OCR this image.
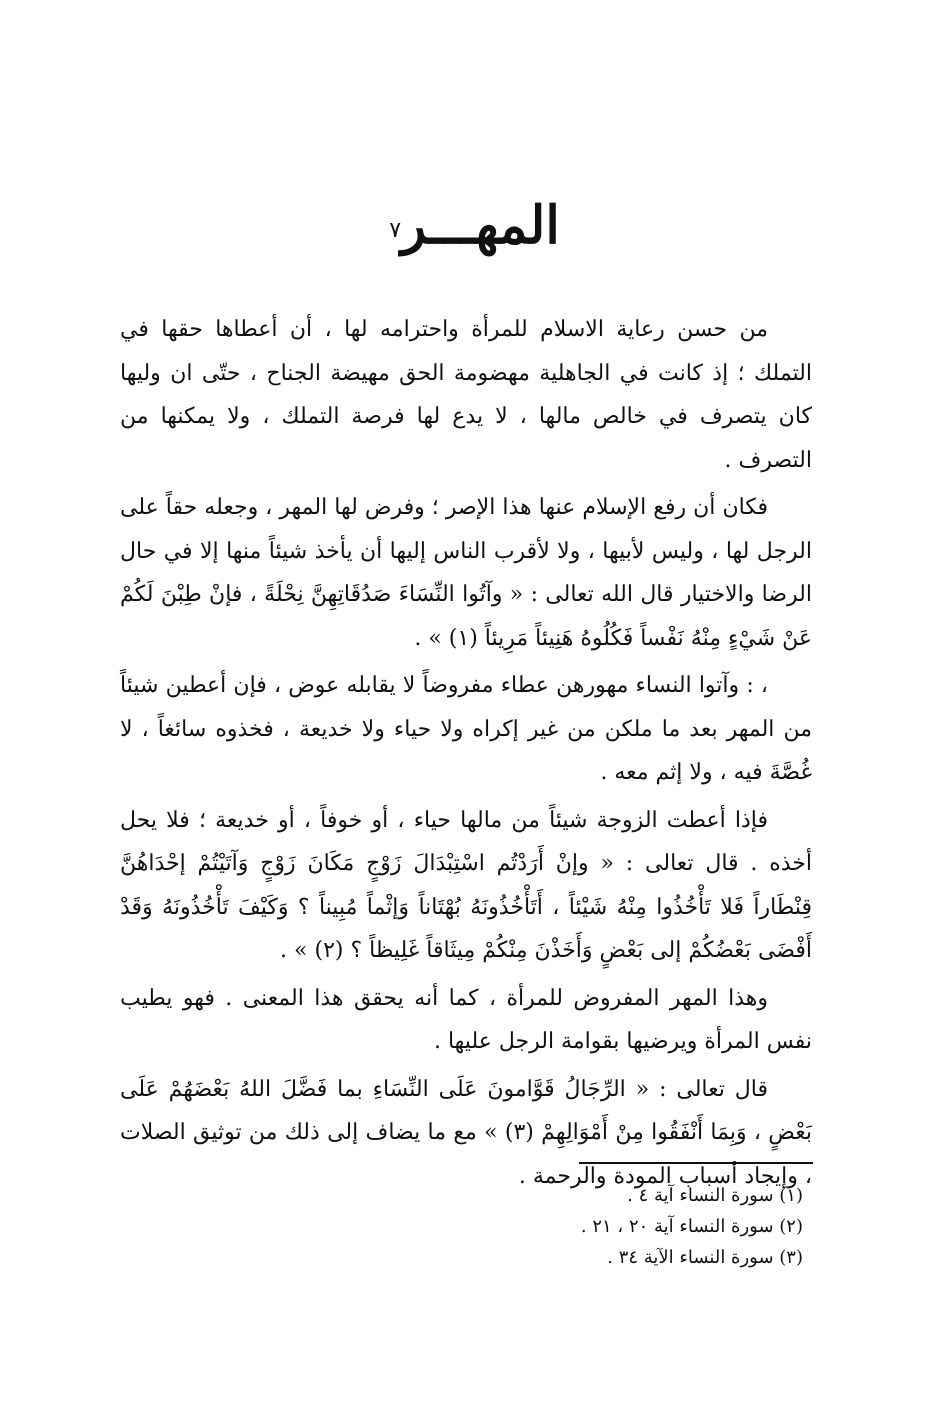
المهـــر٧

من حسن رعاية الاسلام للمرأة واحترامه لها ، أن أعطاها حقها في التملك ؛ إذ كانت في الجاهلية مهضومة الحق مهيضة الجناح ، حتّى ان وليها كان يتصرف في خالص مالها ، لا يدع لها فرصة التملك ، ولا يمكنها من التصرف .

فكان أن رفع الإسلام عنها هذا الإصر ؛ وفرض لها المهر ، وجعله حقاً على الرجل لها ، وليس لأبيها ، ولا لأقرب الناس إليها أن يأخذ شيئاً منها إلا في حال الرضا والاختيار قال الله تعالى : « وآتُوا النِّسَاءَ صَدُقَاتِهِنَّ نِحْلَةً ، فإنْ طِبْنَ لَكُمْ عَنْ شَيْءٍ مِنْهُ نَفْساً فَكُلُوهُ هَنِيئاً مَرِيئاً (١) » .

، : وآتوا النساء مهورهن عطاء مفروضاً لا يقابله عوض ، فإن أعطين شيئاً من المهر بعد ما ملكن من غير إكراه ولا حياء ولا خديعة ، فخذوه سائغاً ، لا غُصَّةَ فيه ، ولا إثم معه .

فإذا أعطت الزوجة شيئاً من مالها حياء ، أو خوفاً ، أو خديعة ؛ فلا يحل أخذه . قال تعالى : « وإنْ أَرَدْتُم اسْتِبْدَالَ زَوْجٍ مَكَانَ زَوْجٍ وَآتَيْتُمْ إحْدَاهُنَّ قِنْطَاراً فَلا تَأْخُذُوا مِنْهُ شَيْئاً ، أَتَأْخُذُونَهُ بُهْتَاناً وَإثْماً مُبِيناً ؟ وَكَيْفَ تَأْخُذُونَهُ وَقَدْ أَفْضَى بَعْضُكُمْ إلى بَعْضٍ وَأَخَذْنَ مِنْكُمْ مِيثَاقاً غَلِيظاً ؟ (٢) » .

وهذا المهر المفروض للمرأة ، كما أنه يحقق هذا المعنى . فهو يطيب نفس المرأة ويرضيها بقوامة الرجل عليها .

قال تعالى : « الرِّجَالُ قَوَّامونَ عَلَى النِّسَاءِ بما فَضَّلَ اللهُ بَعْضَهُمْ عَلَى بَعْضٍ ، وَبِمَا أَنْفَقُوا مِنْ أَمْوَالِهِمْ (٣) » مع ما يضاف إلى ذلك من توثيق الصلات ، وإيجاد أسباب المودة والرحمة .

(١) سورة النساء آية ٤ .
(٢) سورة النساء آية ٢٠ ، ٢١ .
(٣) سورة النساء الآية ٣٤ .
